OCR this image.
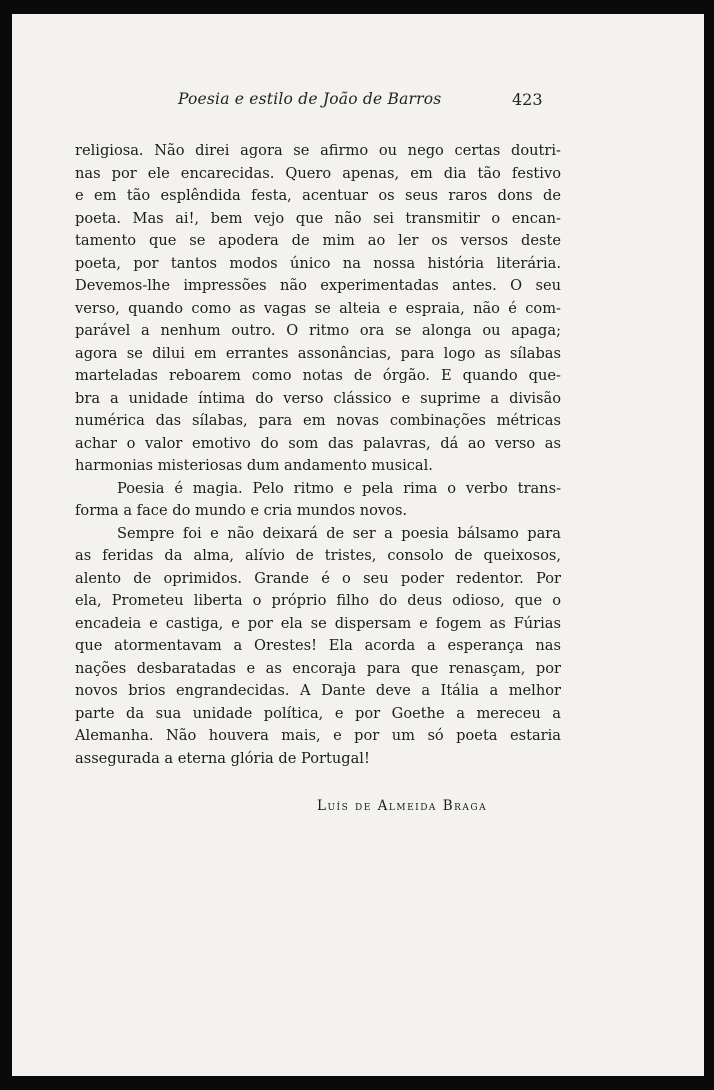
Poesia e estilo de João de Barros	423
religiosa. Não direi agora se afirmo ou nego certas doutri-
nas por ele encarecidas. Quero apenas, em dia tão festivo
e em tão esplêndida festa, acentuar os seus raros dons de
poeta. Mas ai!, bem vejo que não sei transmitir o encan-
tamento que se apodera de mim ao ler os versos deste
poeta, por tantos modos único na nossa história literária.
Devemos-lhe impressões não experimentadas antes. O seu
verso, quando como as vagas se alteia e espraia, não é com-
parável a nenhum outro. O ritmo ora se alonga ou apaga;
agora se dilui em errantes assonâncias, para logo as sílabas
marteladas reboarem como notas de órgão. E quando que-
bra a unidade íntima do verso clássico e suprime a divisão
numérica das sílabas, para em novas combinações métricas
achar o valor emotivo do som das palavras, dá ao verso as
harmonias misteriosas dum andamento musical.
Poesia é magia. Pelo ritmo e pela rima o verbo trans-
forma a face do mundo e cria mundos novos.
Sempre foi e não deixará de ser a poesia bálsamo para
as feridas da alma, alívio de tristes, consolo de queixosos,
alento de oprimidos. Grande é o seu poder redentor. Por
ela, Prometeu liberta o próprio filho do deus odioso, que o
encadeia e castiga, e por ela se dispersam e fogem as Fúrias
que atormentavam a Orestes! Ela acorda a esperança nas
nações desbaratadas e as encoraja para que renasçam, por
novos brios engrandecidas. A Dante deve a Itália a melhor
parte da sua unidade política, e por Goethe a mereceu a
Alemanha. Não houvera mais, e por um só poeta estaria
assegurada a eterna glória de Portugal!
Luís de Almeida Braga
